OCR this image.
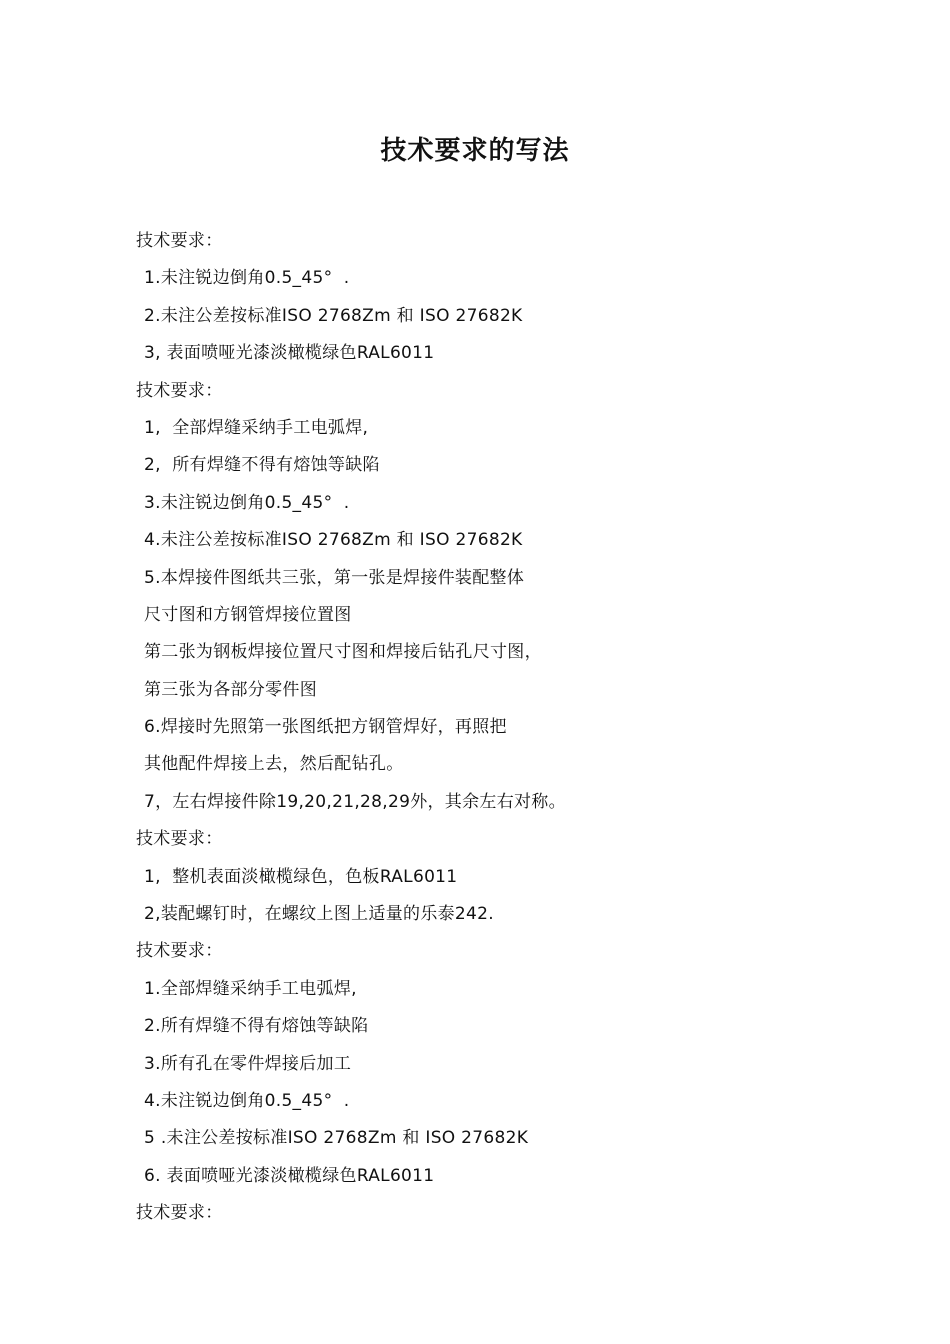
技术要求的写法
技术要求：
1.未注锐边倒角0.5_45°  .
2.未注公差按标准ISO 2768Zm 和 ISO 27682K
3, 表面喷哑光漆淡橄榄绿色RAL6011
技术要求：
1,  全部焊缝采纳手工电弧焊,
2,  所有焊缝不得有熔蚀等缺陷
3.未注锐边倒角0.5_45°  .
4.未注公差按标准ISO 2768Zm 和 ISO 27682K
5.本焊接件图纸共三张，第一张是焊接件装配整体
尺寸图和方钢管焊接位置图
第二张为钢板焊接位置尺寸图和焊接后钻孔尺寸图，
第三张为各部分零件图
6.焊接时先照第一张图纸把方钢管焊好，再照把
其他配件焊接上去，然后配钻孔。
7，左右焊接件除19,20,21,28,29外，其余左右对称。
技术要求：
1,  整机表面淡橄榄绿色，色板RAL6011
2,装配螺钉时，在螺纹上图上适量的乐泰242.
技术要求：
1.全部焊缝采纳手工电弧焊,
2.所有焊缝不得有熔蚀等缺陷
3.所有孔在零件焊接后加工
4.未注锐边倒角0.5_45°  .
5 .未注公差按标准ISO 2768Zm 和 ISO 27682K
6. 表面喷哑光漆淡橄榄绿色RAL6011
技术要求：
